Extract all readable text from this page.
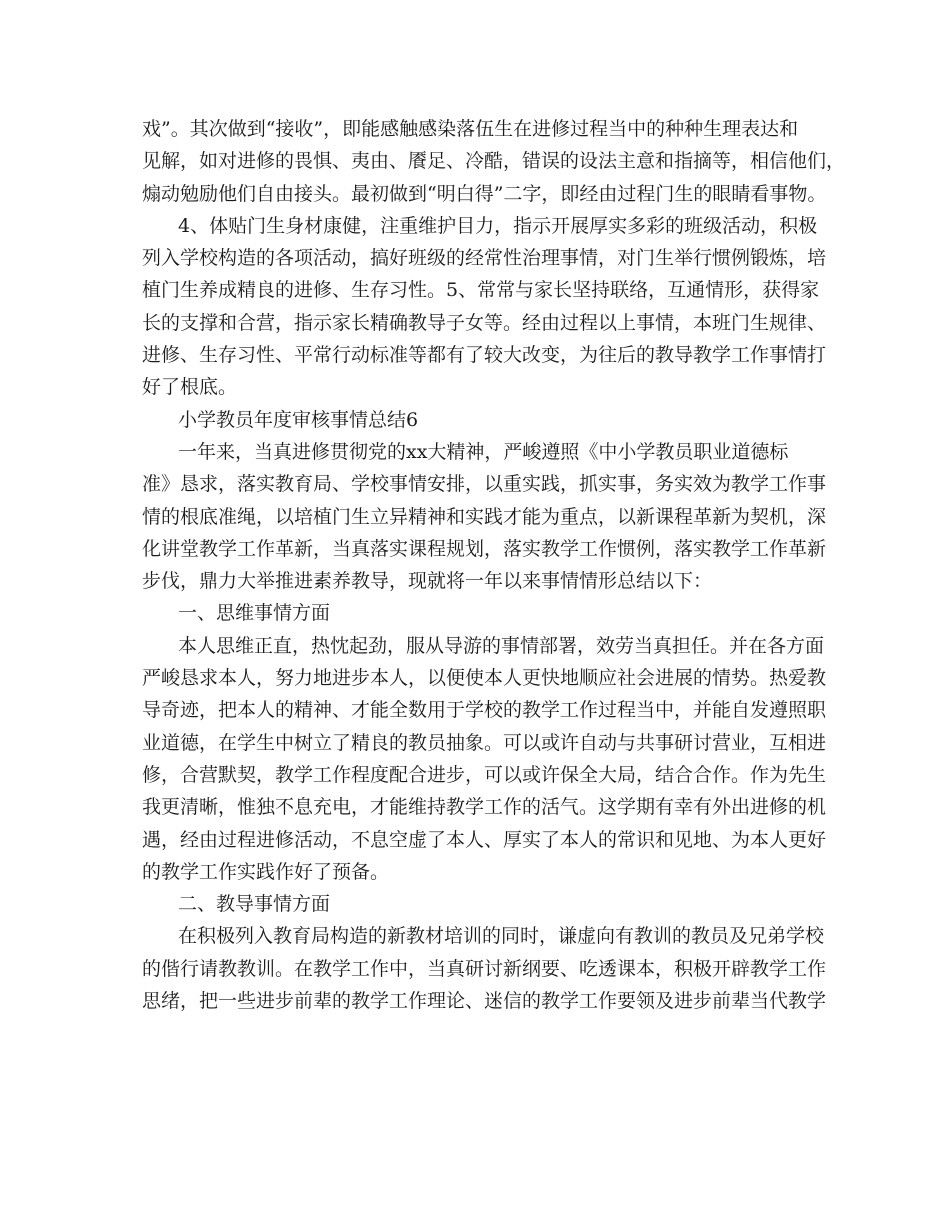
戏”。其次做到“接收”，即能感触感染落伍生在进修过程当中的种种生理表达和
见解，如对进修的畏惧、夷由、餍足、冷酷，错误的设法主意和指摘等，相信他们，
煽动勉励他们自由接头。最初做到“明白得”二字，即经由过程门生的眼睛看事物。

4、体贴门生身材康健，注重维护目力，指示开展厚实多彩的班级活动，积极
列入学校构造的各项活动，搞好班级的经常性治理事情，对门生举行惯例锻炼，培
植门生养成精良的进修、生存习性。5、常常与家长坚持联络，互通情形，获得家
长的支撑和合营，指示家长精确教导子女等。经由过程以上事情，本班门生规律、
进修、生存习性、平常行动标准等都有了较大改变，为往后的教导教学工作事情打
好了根底。

小学教员年度审核事情总结6

一年来，当真进修贯彻党的xx大精神，严峻遵照《中小学教员职业道德标
准》恳求，落实教育局、学校事情安排，以重实践，抓实事，务实效为教学工作事
情的根底准绳，以培植门生立异精神和实践才能为重点，以新课程革新为契机，深
化讲堂教学工作革新，当真落实课程规划，落实教学工作惯例，落实教学工作革新
步伐，鼎力大举推进素养教导，现就将一年以来事情情形总结以下：

一、思维事情方面

本人思维正直，热忱起劲，服从导游的事情部署，效劳当真担任。并在各方面
严峻恳求本人，努力地进步本人，以便使本人更快地顺应社会进展的情势。热爱教
导奇迹，把本人的精神、才能全数用于学校的教学工作过程当中，并能自发遵照职
业道德，在学生中树立了精良的教员抽象。可以或许自动与共事研讨营业，互相进
修，合营默契，教学工作程度配合进步，可以或许保全大局，结合合作。作为先生
我更清晰，惟独不息充电，才能维持教学工作的活气。这学期有幸有外出进修的机
遇，经由过程进修活动，不息空虚了本人、厚实了本人的常识和见地、为本人更好
的教学工作实践作好了预备。

二、教导事情方面

在积极列入教育局构造的新教材培训的同时，谦虚向有教训的教员及兄弟学校
的偕行请教教训。在教学工作中，当真研讨新纲要、吃透课本，积极开辟教学工作
思绪，把一些进步前辈的教学工作理论、迷信的教学工作要领及进步前辈当代教学
